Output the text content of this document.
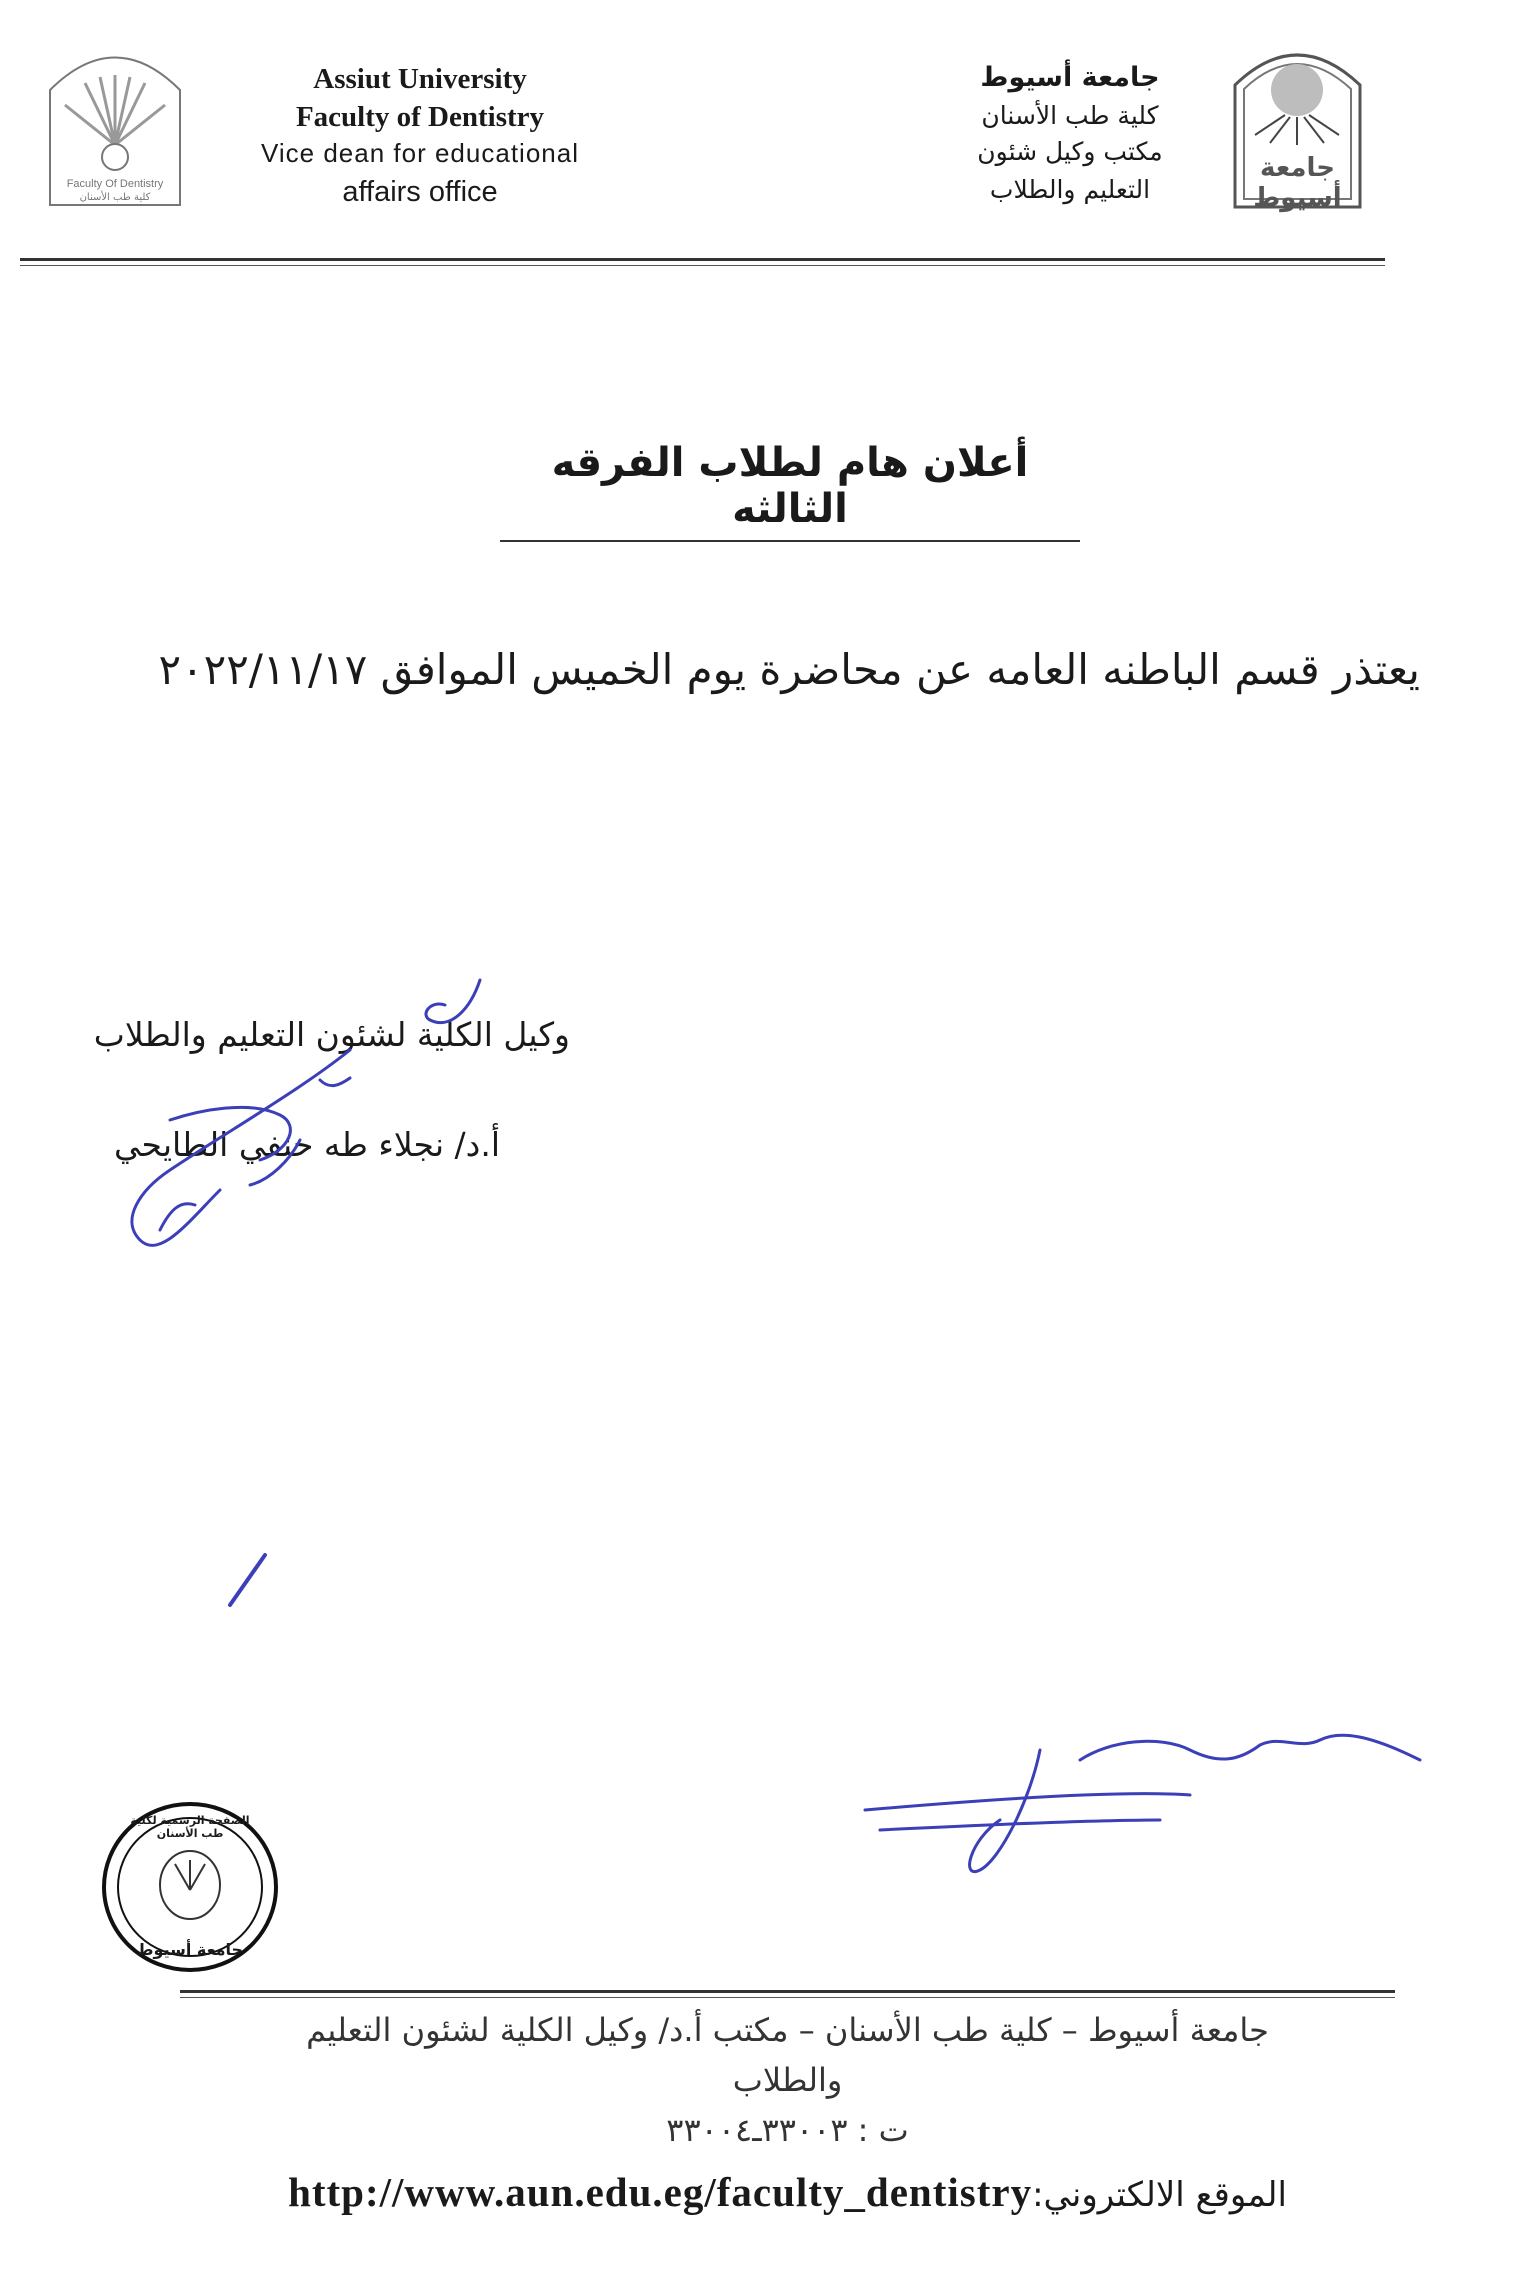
Faculty Of Dentistry
كلية طب الأسنان
Assiut University
Faculty of Dentistry
Vice dean for educational
affairs office
جامعة أسيوط
كلية طب الأسنان
مكتب وكيل شئون
التعليم والطلاب
جامعة أسيوط
أعلان هام لطلاب الفرقه الثالثه
يعتذر قسم الباطنه العامه عن محاضرة يوم الخميس الموافق ٢٠٢٢/١١/١٧
وكيل الكلية لشئون التعليم والطلاب
أ.د/ نجلاء طه حنفي الطايحي
الصفحة الرسمية لكلية طب الأسنان
جامعة أسيوط
جامعة أسيوط – كلية طب الأسنان – مكتب أ.د/ وكيل الكلية لشئون التعليم
والطلاب
ت : ٣٣٠٠٣ـ٣٣٠٠٤
http://www.aun.edu.eg/faculty_dentistryالموقع الالكتروني:
